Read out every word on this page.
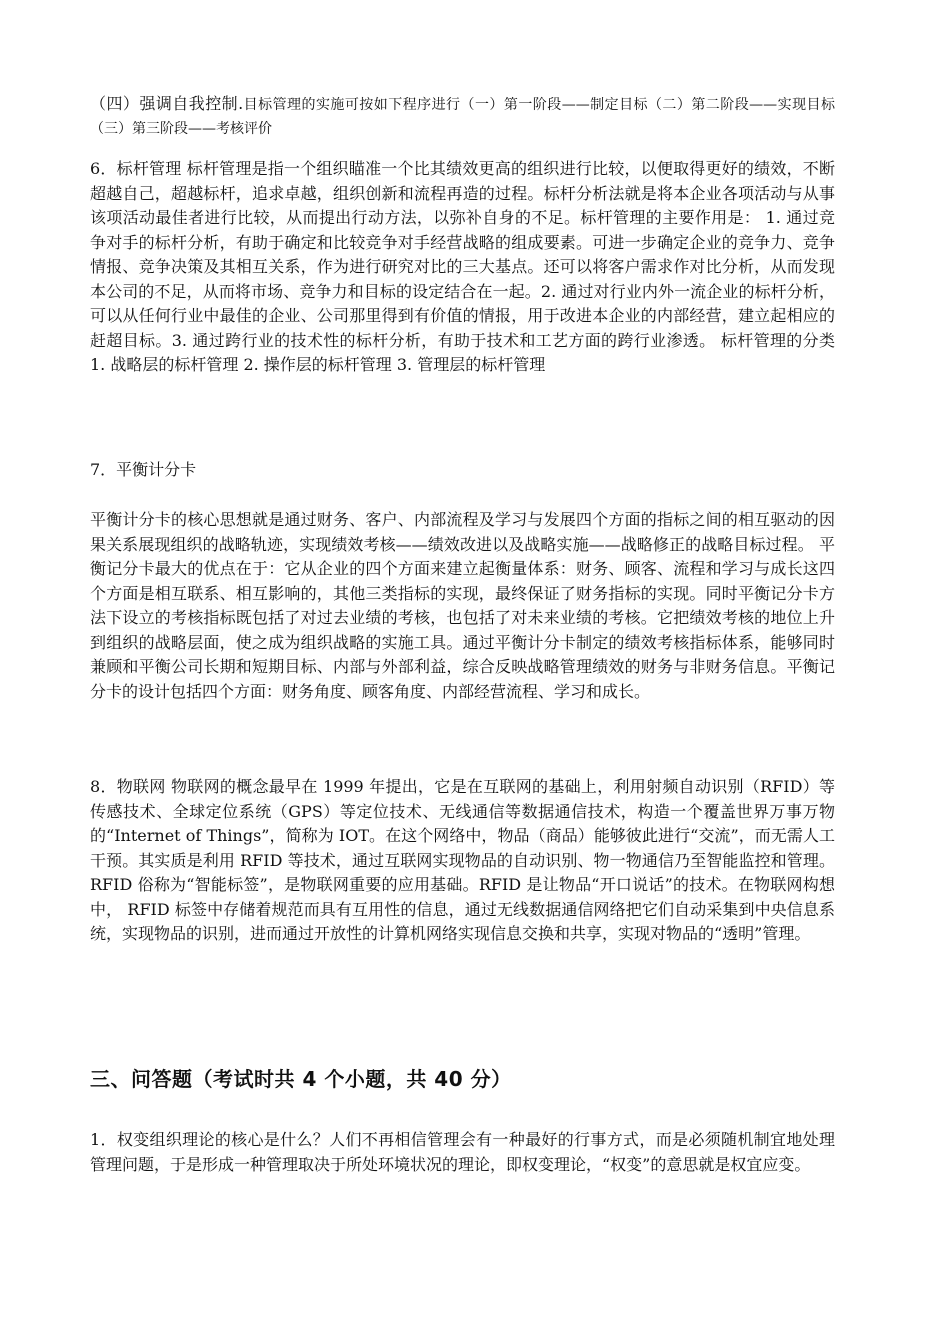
（四）强调自我控制.目标管理的实施可按如下程序进行（一）第一阶段——制定目标（二）第二阶段——实现目标（三）第三阶段——考核评价

6．标杆管理 标杆管理是指一个组织瞄准一个比其绩效更高的组织进行比较，以便取得更好的绩效，不断超越自己，超越标杆，追求卓越，组织创新和流程再造的过程。标杆分析法就是将本企业各项活动与从事该项活动最佳者进行比较，从而提出行动方法，以弥补自身的不足。标杆管理的主要作用是： 1. 通过竞争对手的标杆分析，有助于确定和比较竞争对手经营战略的组成要素。可进一步确定企业的竞争力、竞争情报、竞争决策及其相互关系，作为进行研究对比的三大基点。还可以将客户需求作对比分析，从而发现本公司的不足，从而将市场、竞争力和目标的设定结合在一起。2. 通过对行业内外一流企业的标杆分析，可以从任何行业中最佳的企业、公司那里得到有价值的情报，用于改进本企业的内部经营，建立起相应的赶超目标。3. 通过跨行业的技术性的标杆分析，有助于技术和工艺方面的跨行业渗透。 标杆管理的分类 1. 战略层的标杆管理 2. 操作层的标杆管理 3. 管理层的标杆管理

7．平衡计分卡

平衡计分卡的核心思想就是通过财务、客户、内部流程及学习与发展四个方面的指标之间的相互驱动的因果关系展现组织的战略轨迹，实现绩效考核——绩效改进以及战略实施——战略修正的战略目标过程。 平衡记分卡最大的优点在于：它从企业的四个方面来建立起衡量体系：财务、顾客、流程和学习与成长这四个方面是相互联系、相互影响的，其他三类指标的实现，最终保证了财务指标的实现。同时平衡记分卡方法下设立的考核指标既包括了对过去业绩的考核，也包括了对未来业绩的考核。它把绩效考核的地位上升到组织的战略层面，使之成为组织战略的实施工具。通过平衡计分卡制定的绩效考核指标体系，能够同时兼顾和平衡公司长期和短期目标、内部与外部利益，综合反映战略管理绩效的财务与非财务信息。平衡记分卡的设计包括四个方面：财务角度、顾客角度、内部经营流程、学习和成长。

8．物联网 物联网的概念最早在 1999 年提出，它是在互联网的基础上，利用射频自动识别（RFID）等传感技术、全球定位系统（GPS）等定位技术、无线通信等数据通信技术，构造一个覆盖世界万事万物的“Internet of Things”，简称为 IOT。在这个网络中，物品（商品）能够彼此进行“交流”，而无需人工干预。其实质是利用 RFID 等技术，通过互联网实现物品的自动识别、物一物通信乃至智能监控和管理。RFID 俗称为“智能标签”，是物联网重要的应用基础。RFID 是让物品“开口说话”的技术。在物联网构想中， RFID 标签中存储着规范而具有互用性的信息，通过无线数据通信网络把它们自动采集到中央信息系统，实现物品的识别，进而通过开放性的计算机网络实现信息交换和共享，实现对物品的“透明”管理。

三、问答题（考试时共 4 个小题，共 40 分）

1．权变组织理论的核心是什么？人们不再相信管理会有一种最好的行事方式，而是必须随机制宜地处理管理问题，于是形成一种管理取决于所处环境状况的理论，即权变理论，“权变”的意思就是权宜应变。
